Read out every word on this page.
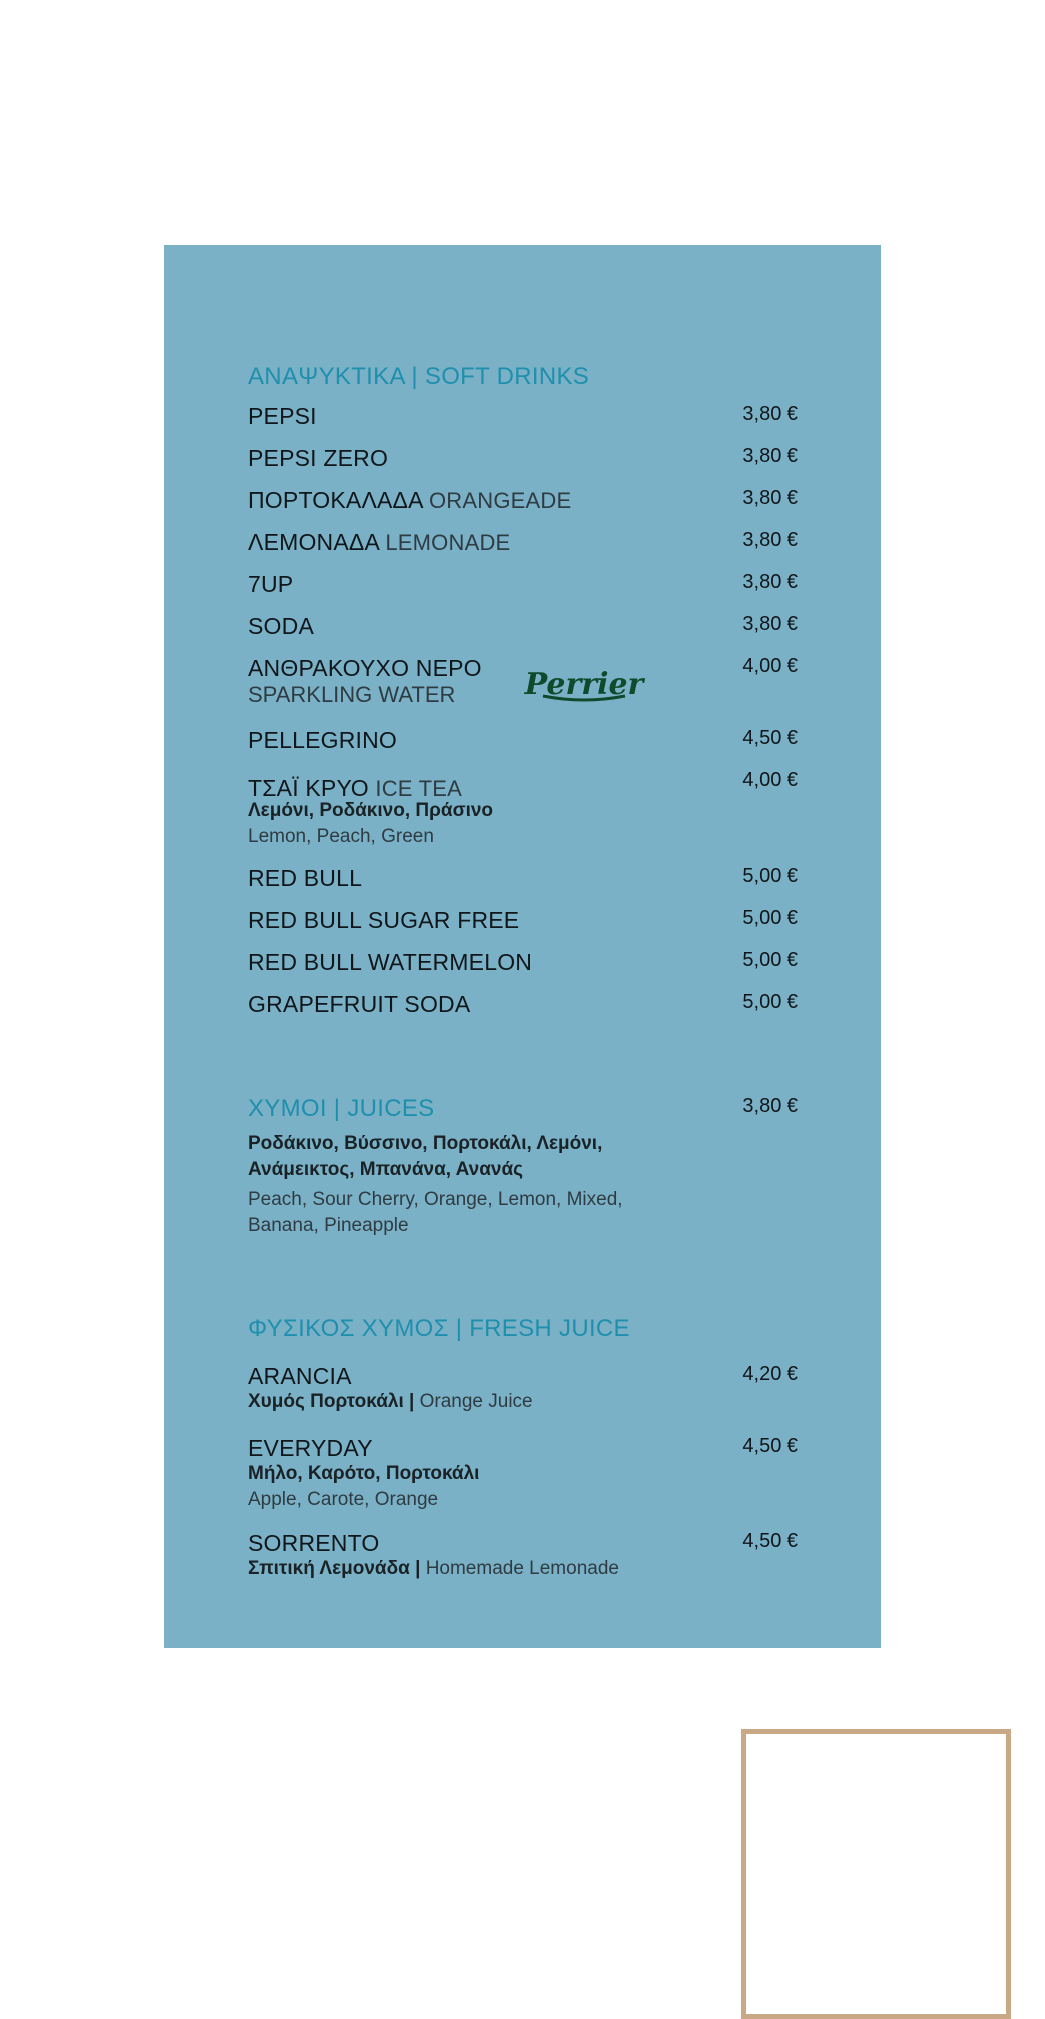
ΑΝΑΨΥΚΤΙΚΑ | SOFT DRINKS
PEPSI	3,80 €
PEPSI ZERO	3,80 €
ΠΟΡΤΟΚΑΛΑΔΑ ORANGEADE	3,80 €
ΛΕΜΟΝΑΔΑ LEMONADE	3,80 €
7UP	3,80 €
SODA	3,80 €
ΑΝΘΡΑΚΟΥΧΟ ΝΕΡΟ	4,00 €
SPARKLING WATER Perrier
PELLEGRINO	4,50 €
ΤΣΑΪ ΚΡΥΟ ICE TEA	4,00 €
Λεμόνι, Ροδάκινο, Πράσινο
Lemon, Peach, Green
RED BULL	5,00 €
RED BULL SUGAR FREE	5,00 €
RED BULL WATERMELON	5,00 €
GRAPEFRUIT SODA	5,00 €
ΧΥΜΟΙ | JUICES	3,80 €
Ροδάκινο, Βύσσινο, Πορτοκάλι, Λεμόνι,
Ανάμεικτος, Μπανάνα, Ανανάς
Peach, Sour Cherry, Orange, Lemon, Mixed,
Banana, Pineapple
ΦΥΣΙΚΟΣ ΧΥΜΟΣ | FRESH JUICE
ARANCIA	4,20 €
Χυμός Πορτοκάλι | Orange Juice
EVERYDAY	4,50 €
Μήλο, Καρότο, Πορτοκάλι
Apple, Carote, Orange
SORRENTO	4,50 €
Σπιτική Λεμονάδα | Homemade Lemonade
